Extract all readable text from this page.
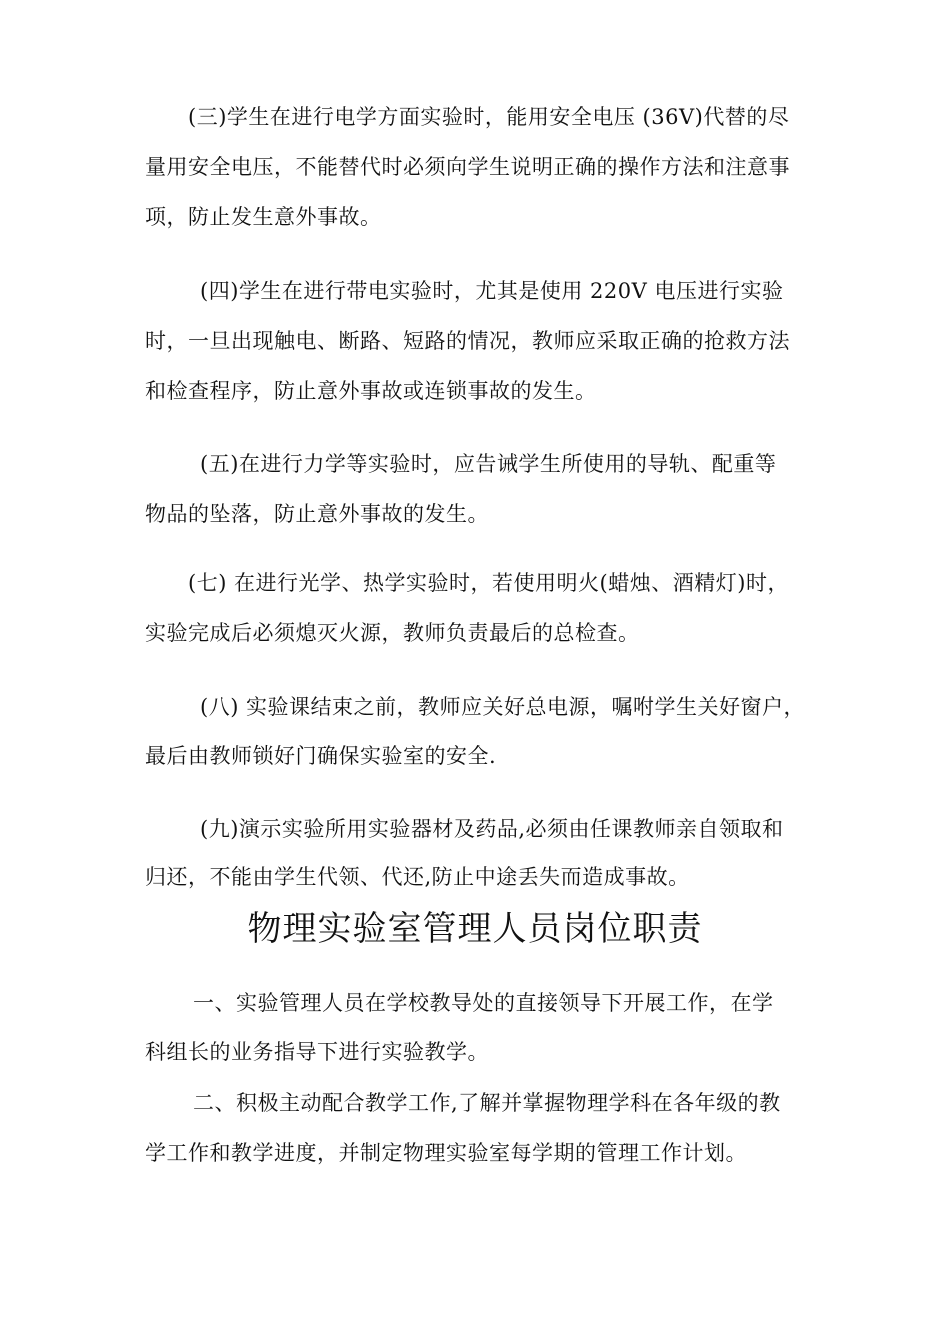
(三)学生在进行电学方面实验时，能用安全电压 (36V)代替的尽
量用安全电压，不能替代时必须向学生说明正确的操作方法和注意事
项，防止发生意外事故。
(四)学生在进行带电实验时，尤其是使用 220V 电压进行实验
时，一旦出现触电、断路、短路的情况，教师应采取正确的抢救方法
和检查程序，防止意外事故或连锁事故的发生。
(五)在进行力学等实验时，应告诫学生所使用的导轨、配重等
物品的坠落，防止意外事故的发生。
(七) 在进行光学、热学实验时，若使用明火(蜡烛、酒精灯)时，
实验完成后必须熄灭火源，教师负责最后的总检查。
(八) 实验课结束之前，教师应关好总电源，嘱咐学生关好窗户，
最后由教师锁好门确保实验室的安全.
(九)演示实验所用实验器材及药品,必须由任课教师亲自领取和
归还，不能由学生代领、代还,防止中途丢失而造成事故。
物理实验室管理人员岗位职责
一、实验管理人员在学校教导处的直接领导下开展工作，在学
科组长的业务指导下进行实验教学。
二、积极主动配合教学工作,了解并掌握物理学科在各年级的教
学工作和教学进度，并制定物理实验室每学期的管理工作计划。
